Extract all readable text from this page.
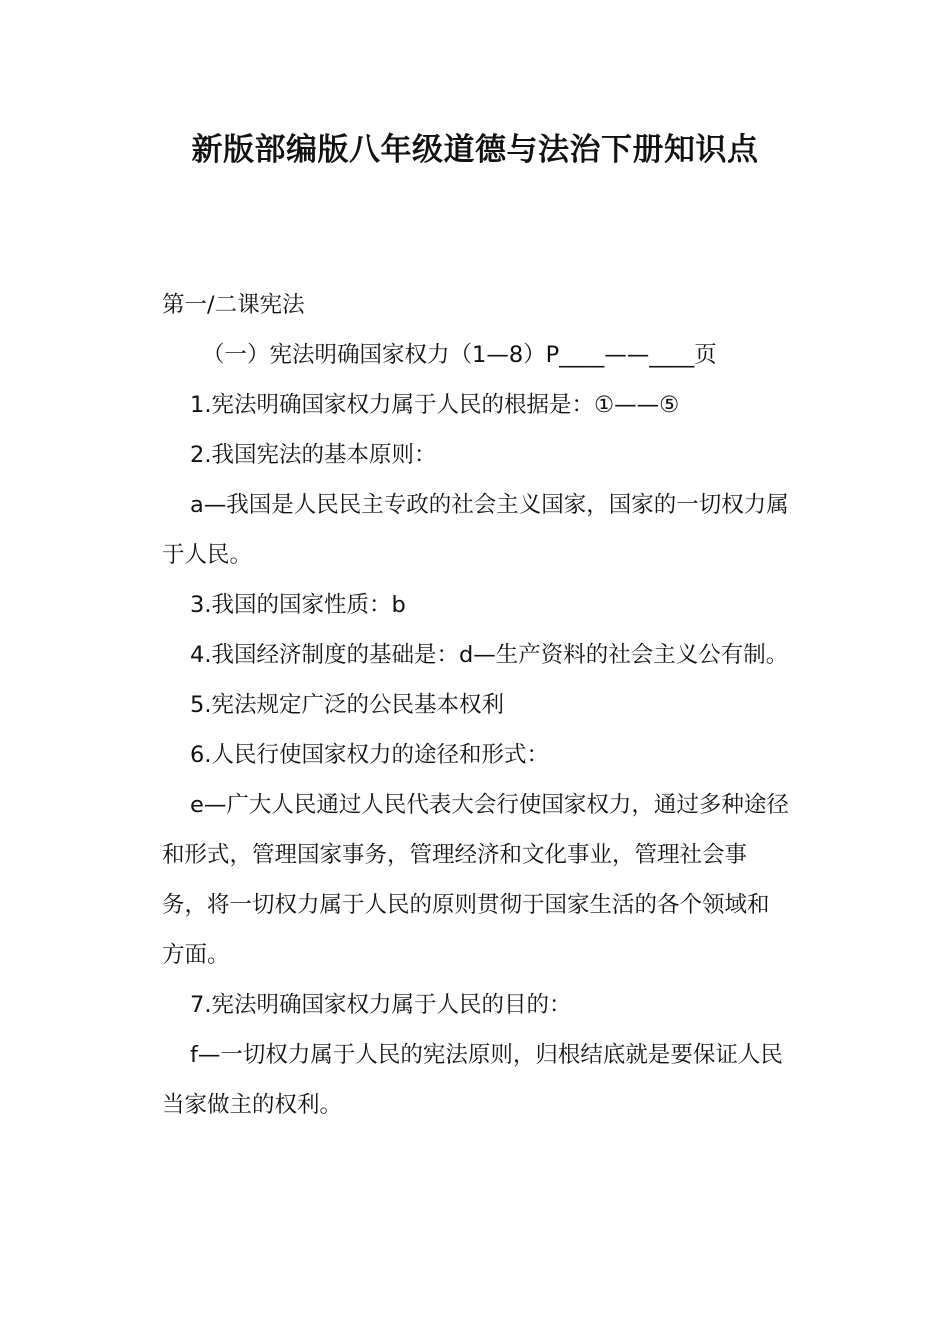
新版部编版八年级道德与法治下册知识点

第一/二课宪法

（一）宪法明确国家权力（1—8）P____——____页

1.宪法明确国家权力属于人民的根据是：①——⑤

2.我国宪法的基本原则：

a—我国是人民民主专政的社会主义国家，国家的一切权力属于人民。

3.我国的国家性质：b

4.我国经济制度的基础是：d—生产资料的社会主义公有制。

5.宪法规定广泛的公民基本权利

6.人民行使国家权力的途径和形式：

e—广大人民通过人民代表大会行使国家权力，通过多种途径和形式，管理国家事务，管理经济和文化事业，管理社会事务，将一切权力属于人民的原则贯彻于国家生活的各个领域和方面。

7.宪法明确国家权力属于人民的目的：

f—一切权力属于人民的宪法原则，归根结底就是要保证人民当家做主的权利。
